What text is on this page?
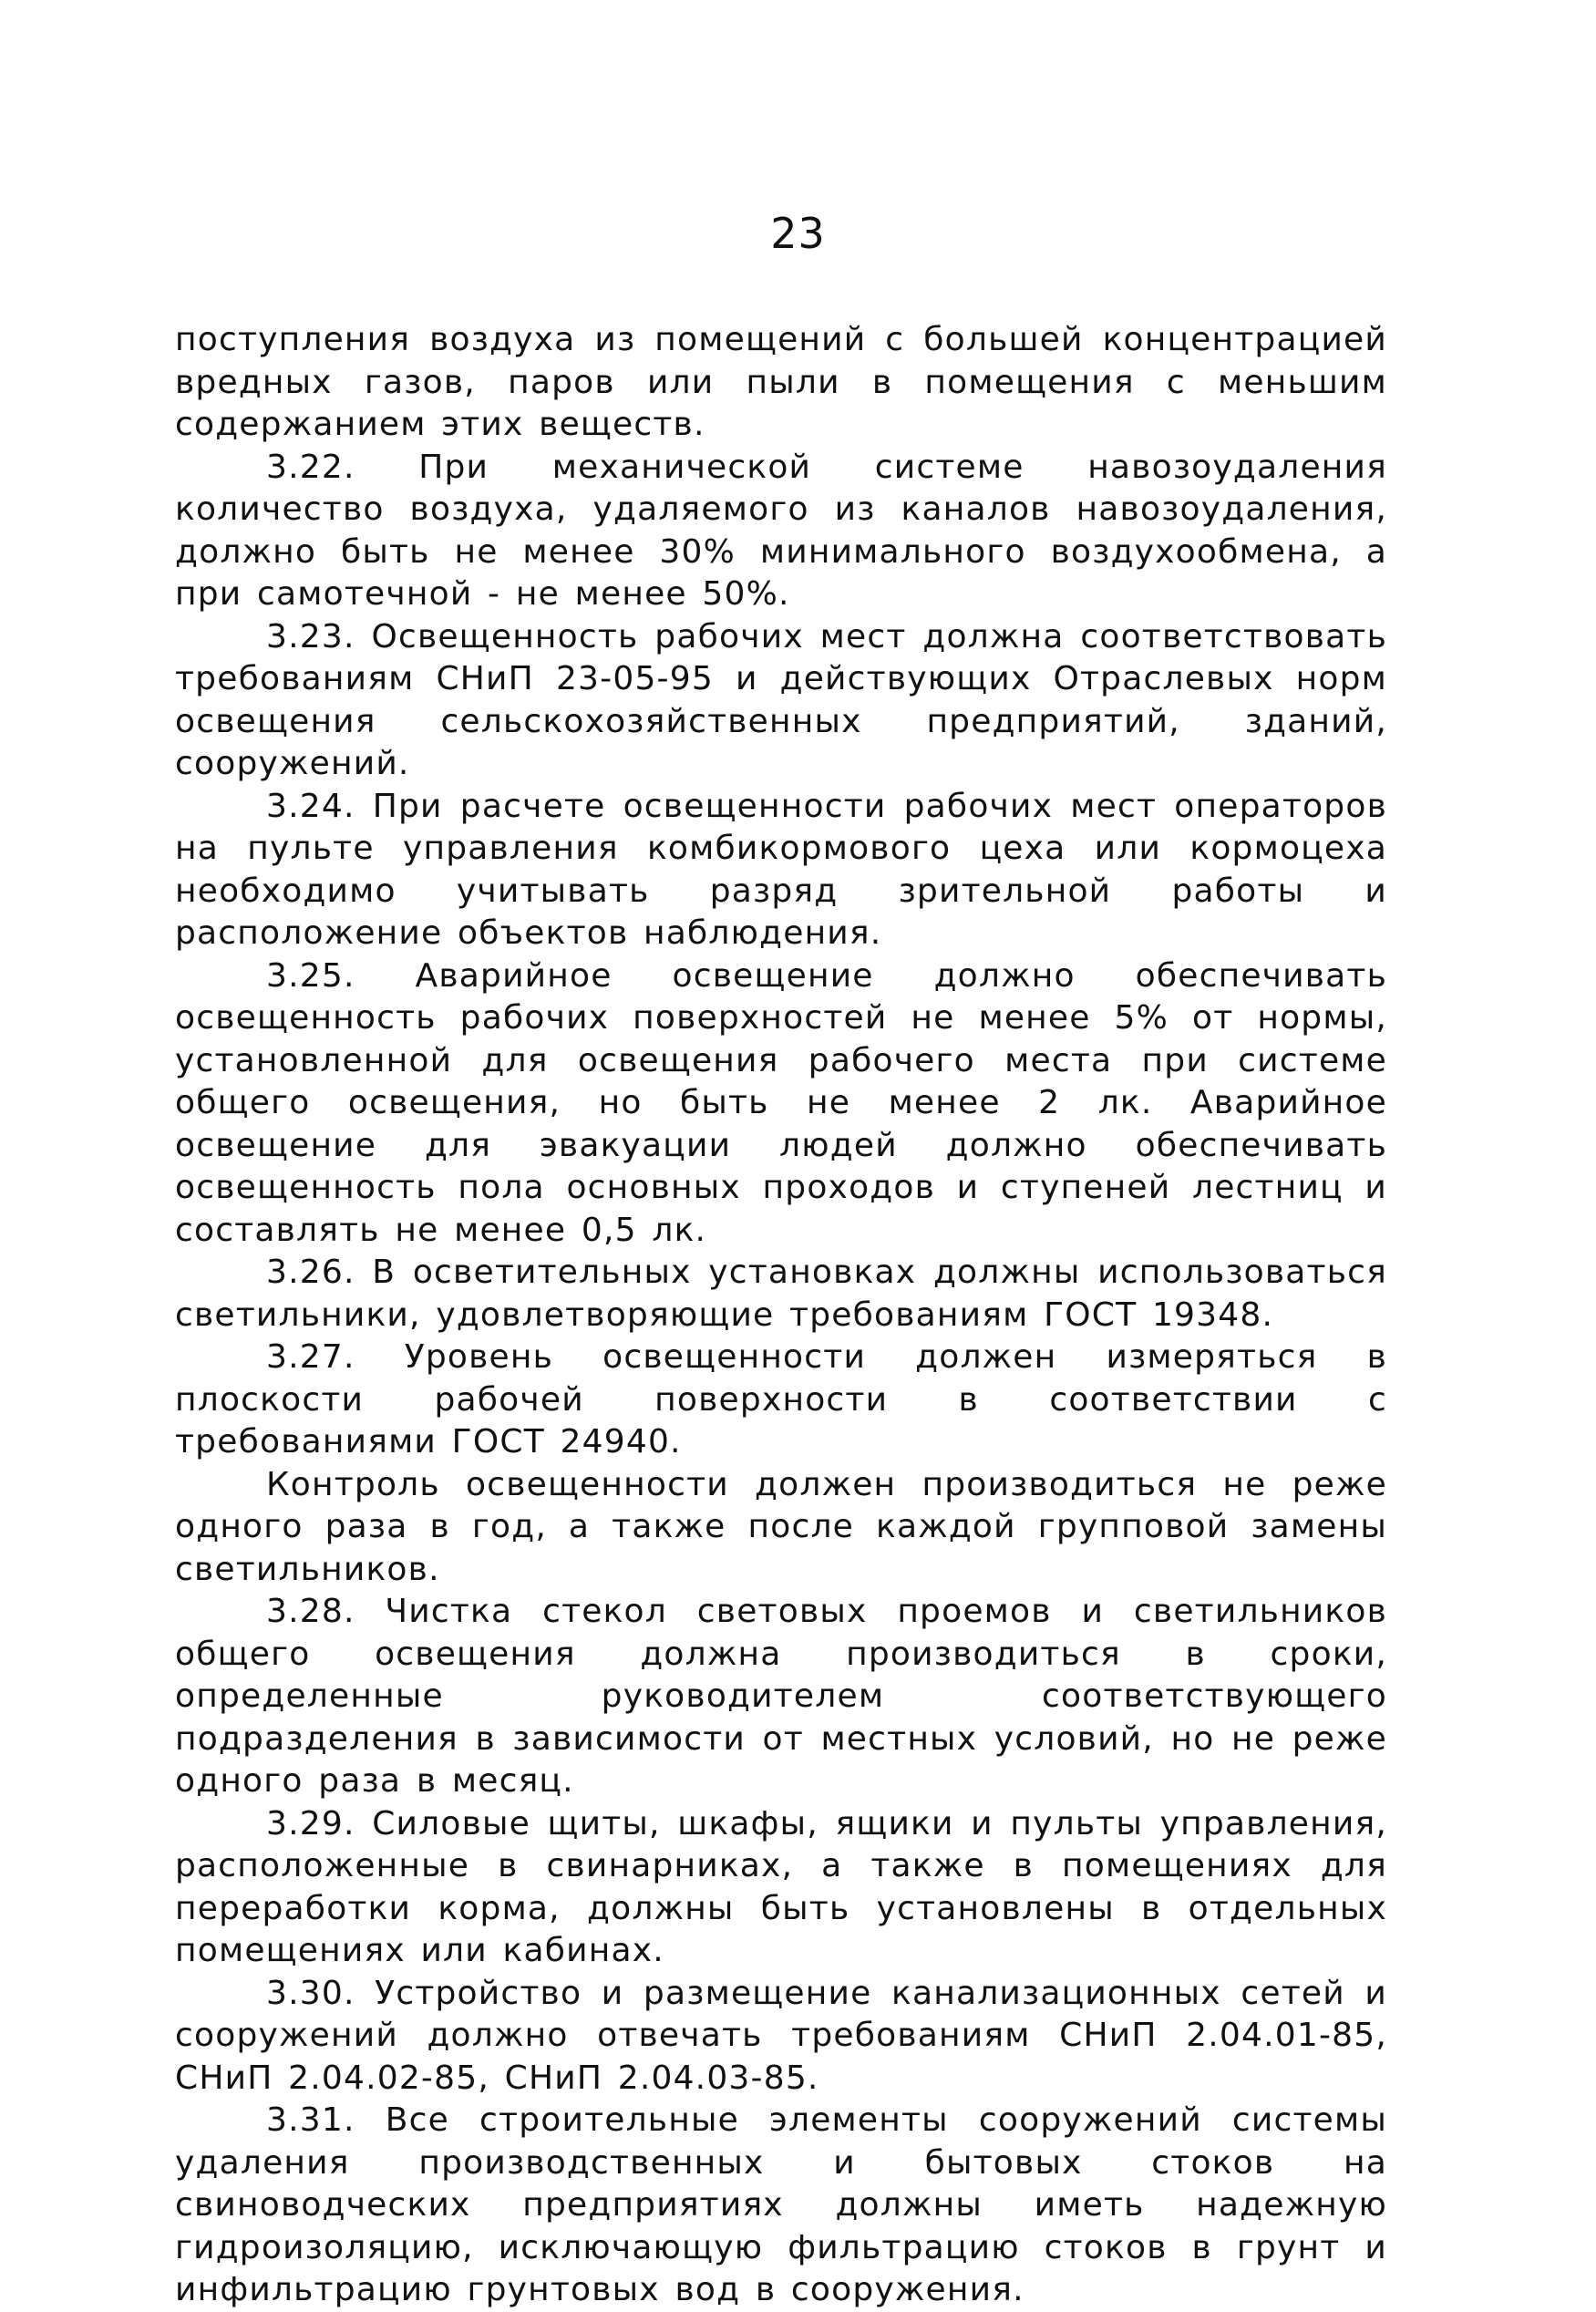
23

поступления воздуха из помещений с большей концентрацией вредных газов, паров или пыли в помещения с меньшим содержанием этих веществ.

3.22. При механической системе навозоудаления количество воздуха, удаляемого из каналов навозоудаления, должно быть не менее 30% минимального воздухообмена, а при самотечной - не менее 50%.

3.23. Освещенность рабочих мест должна соответствовать требованиям СНиП 23-05-95 и действующих Отраслевых норм освещения сельскохозяйственных предприятий, зданий, сооружений.

3.24. При расчете освещенности рабочих мест операторов на пульте управления комбикормового цеха или кормоцеха необходимо учитывать разряд зрительной работы и расположение объектов наблюдения.

3.25. Аварийное освещение должно обеспечивать освещенность рабочих поверхностей не менее 5% от нормы, установленной для освещения рабочего места при системе общего освещения, но быть не менее 2 лк. Аварийное освещение для эвакуации людей должно обеспечивать освещенность пола основных проходов и ступеней лестниц и составлять не менее 0,5 лк.

3.26. В осветительных установках должны использоваться светильники, удовлетворяющие требованиям ГОСТ 19348.

3.27. Уровень освещенности должен измеряться в плоскости рабочей поверхности в соответствии с требованиями ГОСТ 24940.

Контроль освещенности должен производиться не реже одного раза в год, а также после каждой групповой замены светильников.

3.28. Чистка стекол световых проемов и светильников общего освещения должна производиться в сроки, определенные руководителем соответствующего подразделения в зависимости от местных условий, но не реже одного раза в месяц.

3.29. Силовые щиты, шкафы, ящики и пульты управления, расположенные в свинарниках, а также в помещениях для переработки корма, должны быть установлены в отдельных помещениях или кабинах.

3.30. Устройство и размещение канализационных сетей и сооружений должно отвечать требованиям СНиП 2.04.01-85, СНиП 2.04.02-85, СНиП 2.04.03-85.

3.31. Все строительные элементы сооружений системы удаления производственных и бытовых стоков на свиноводческих предприятиях должны иметь надежную гидроизоляцию, исключающую фильтрацию стоков в грунт и инфильтрацию грунтовых вод в сооружения.
